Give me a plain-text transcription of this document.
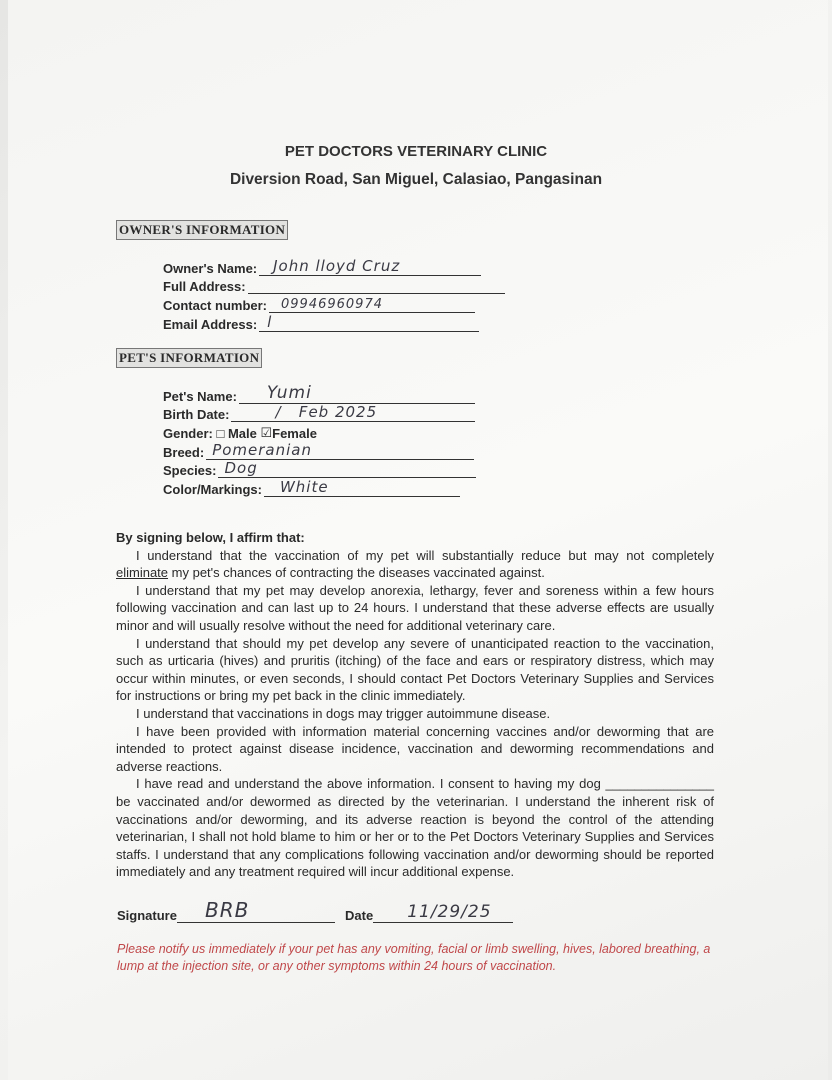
PET DOCTORS VETERINARY CLINIC
Diversion Road, San Miguel, Calasiao, Pangasinan
OWNER'S INFORMATION
Owner's Name: John lloyd Cruz
Full Address:
Contact number: 09946960974
Email Address: l
PET'S INFORMATION
Pet's Name: Yumi
Birth Date:	/   Feb 2025
Gender:
□
Male
☑ Female
Breed: Pomeranian
Species: Dog
Color/Markings: White
By signing below, I affirm that:

I understand that the vaccination of my pet will substantially reduce but may not completely eliminate my pet's chances of contracting the diseases vaccinated against.

I understand that my pet may develop anorexia, lethargy, fever and soreness within a few hours following vaccination and can last up to 24 hours. I understand that these adverse effects are usually minor and will usually resolve without the need for additional veterinary care.

I understand that should my pet develop any severe of unanticipated reaction to the vaccination, such as urticaria (hives) and pruritis (itching) of the face and ears or respiratory distress, which may occur within minutes, or even seconds, I should contact Pet Doctors Veterinary Supplies and Services for instructions or bring my pet back in the clinic immediately.

I understand that vaccinations in dogs may trigger autoimmune disease.

I have been provided with information material concerning vaccines and/or deworming that are intended to protect against disease incidence, vaccination and deworming recommendations and adverse reactions.

I have read and understand the above information. I consent to having my dog _______________ be vaccinated and/or dewormed as directed by the veterinarian. I understand the inherent risk of vaccinations and/or deworming, and its adverse reaction is beyond the control of the attending veterinarian, I shall not hold blame to him or her or to the Pet Doctors Veterinary Supplies and Services staffs. I understand that any complications following vaccination and/or deworming should be reported immediately and any treatment required will incur additional expense.

Signature BRB	Date 11/29/25
Please notify us immediately if your pet has any vomiting, facial or limb swelling, hives, labored breathing, a lump at the injection site, or any other symptoms within 24 hours of vaccination.
